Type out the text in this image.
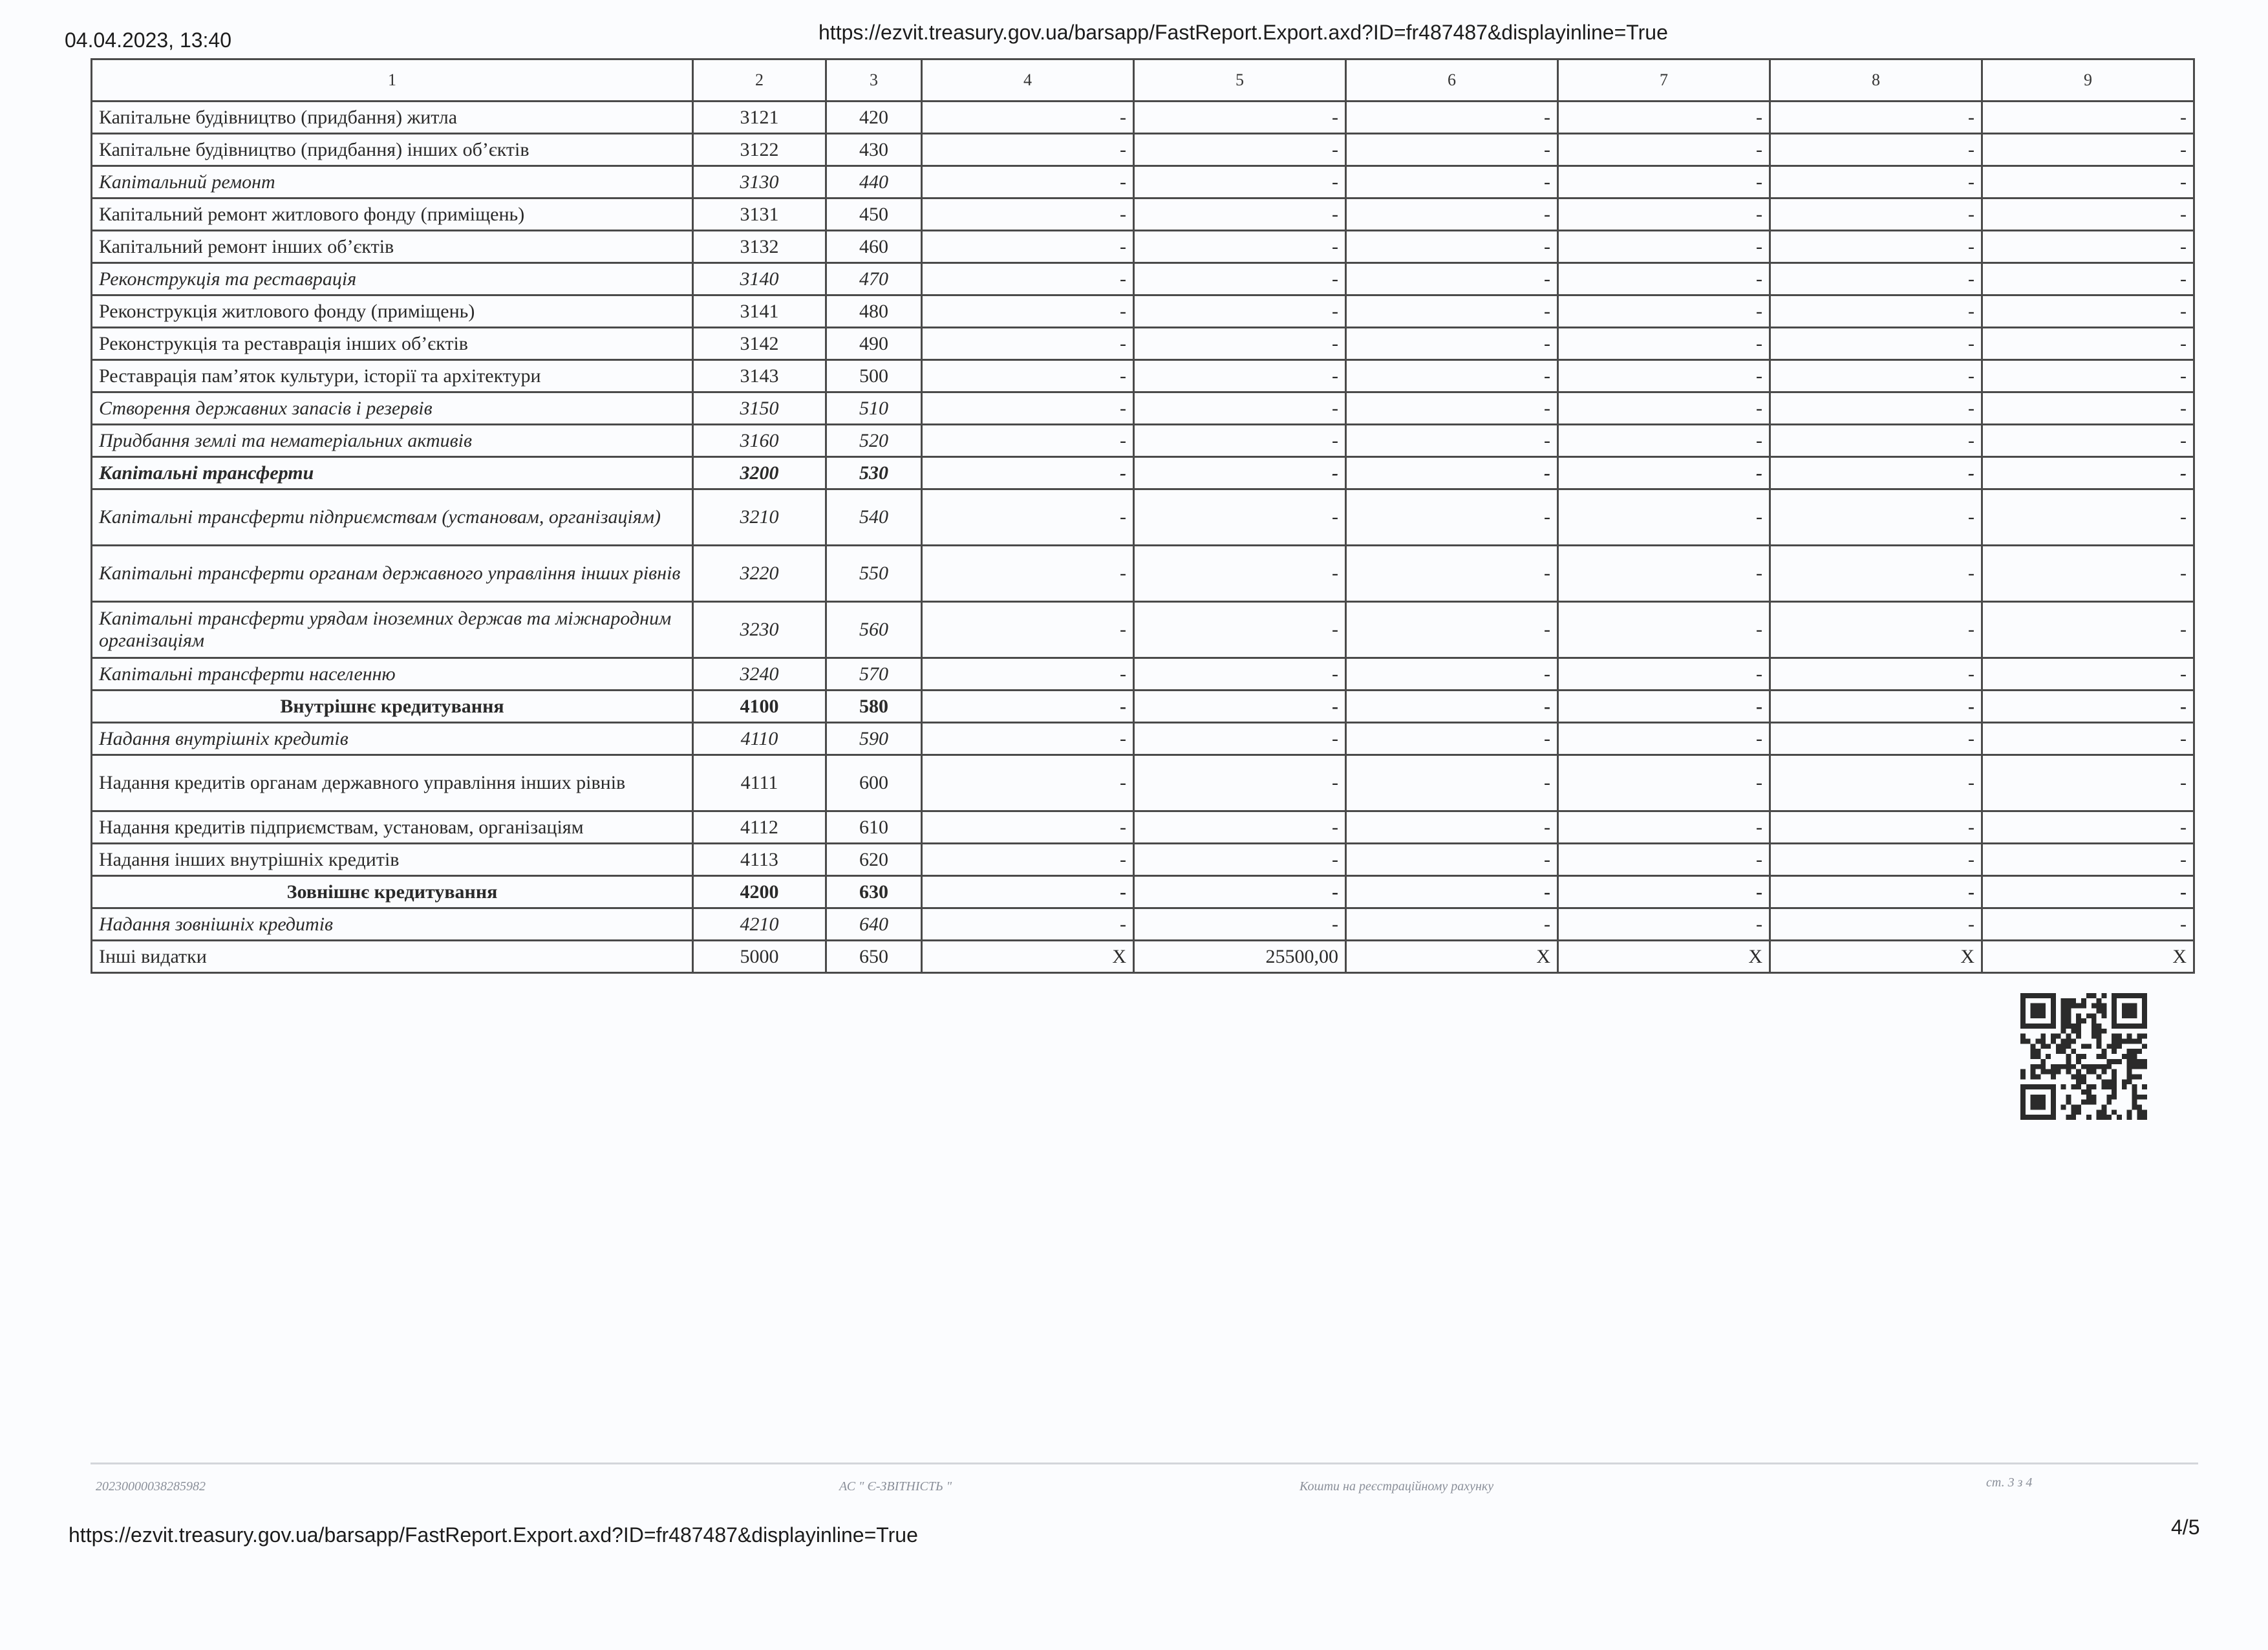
04.04.2023, 13:40	https://ezvit.treasury.gov.ua/barsapp/FastReport.Export.axd?ID=fr487487&displayinline=True
1	2	3	4	5	6	7	8	9
Капітальне будівництво (придбання) житла	3121	420	-	-	-	-	-	-
Капітальне будівництво (придбання) інших об’єктів	3122	430	-	-	-	-	-	-
Капітальний ремонт	3130	440	-	-	-	-	-	-
Капітальний ремонт житлового фонду (приміщень)	3131	450	-	-	-	-	-	-
Капітальний ремонт інших об’єктів	3132	460	-	-	-	-	-	-
Реконструкція та реставрація	3140	470	-	-	-	-	-	-
Реконструкція житлового фонду (приміщень)	3141	480	-	-	-	-	-	-
Реконструкція та реставрація інших об’єктів	3142	490	-	-	-	-	-	-
Реставрація пам’яток культури, історії та архітектури	3143	500	-	-	-	-	-	-
Створення державних запасів і резервів	3150	510	-	-	-	-	-	-
Придбання землі та нематеріальних активів	3160	520	-	-	-	-	-	-
Капітальні трансферти	3200	530	-	-	-	-	-	-
Капітальні трансферти підприємствам (установам, організаціям)	3210	540	-	-	-	-	-	-
Капітальні трансферти органам державного управління інших рівнів	3220	550	-	-	-	-	-	-
Капітальні трансферти урядам іноземних держав та міжнародним організаціям	3230	560	-	-	-	-	-	-
Капітальні трансферти населенню	3240	570	-	-	-	-	-	-
Внутрішнє кредитування	4100	580	-	-	-	-	-	-
Надання внутрішніх кредитів	4110	590	-	-	-	-	-	-
Надання кредитів органам державного управління інших рівнів	4111	600	-	-	-	-	-	-
Надання кредитів підприємствам, установам, організаціям	4112	610	-	-	-	-	-	-
Надання інших внутрішніх кредитів	4113	620	-	-	-	-	-	-
Зовнішнє кредитування	4200	630	-	-	-	-	-	-
Надання зовнішніх кредитів	4210	640	-	-	-	-	-	-
Інші видатки	5000	650	X	25500,00	X	X	X	X
20230000038285982	АС " Є-ЗВІТНІСТЬ "	Кошти на реєстраційному рахунку	ст. 3 з 4
https://ezvit.treasury.gov.ua/barsapp/FastReport.Export.axd?ID=fr487487&displayinline=True	4/5
